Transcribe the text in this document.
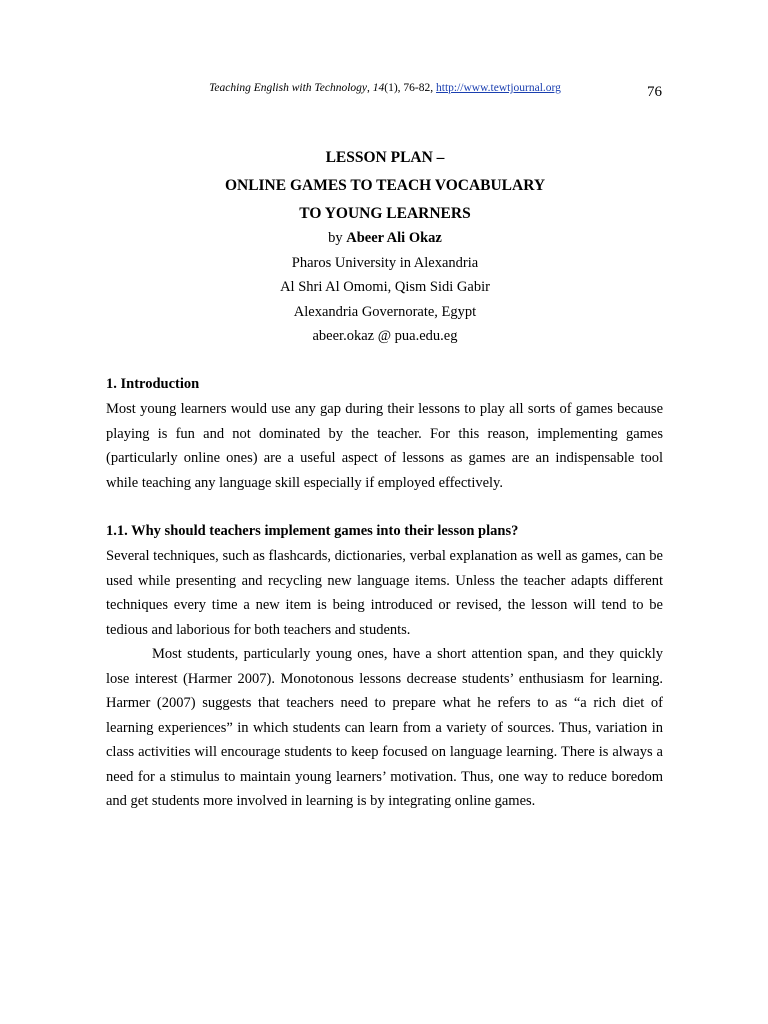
Teaching English with Technology, 14(1), 76-82, http://www.tewtjournal.org	76

LESSON PLAN –

ONLINE GAMES TO TEACH VOCABULARY

TO YOUNG LEARNERS

by Abeer Ali Okaz
Pharos University in Alexandria
Al Shri Al Omomi, Qism Sidi Gabir
Alexandria Governorate, Egypt
abeer.okaz @ pua.edu.eg
1. Introduction

Most young learners would use any gap during their lessons to play all sorts of games because playing is fun and not dominated by the teacher. For this reason, implementing games (particularly online ones) are a useful aspect of lessons as games are an indispensable tool while teaching any language skill especially if employed effectively.

1.1. Why should teachers implement games into their lesson plans?

Several techniques, such as flashcards, dictionaries, verbal explanation as well as games, can be used while presenting and recycling new language items. Unless the teacher adapts different techniques every time a new item is being introduced or revised, the lesson will tend to be tedious and laborious for both teachers and students.

Most students, particularly young ones, have a short attention span, and they quickly lose interest (Harmer 2007). Monotonous lessons decrease students’ enthusiasm for learning. Harmer (2007) suggests that teachers need to prepare what he refers to as “a rich diet of learning experiences” in which students can learn from a variety of sources. Thus, variation in class activities will encourage students to keep focused on language learning. There is always a need for a stimulus to maintain young learners’ motivation. Thus, one way to reduce boredom and get students more involved in learning is by integrating online games.
